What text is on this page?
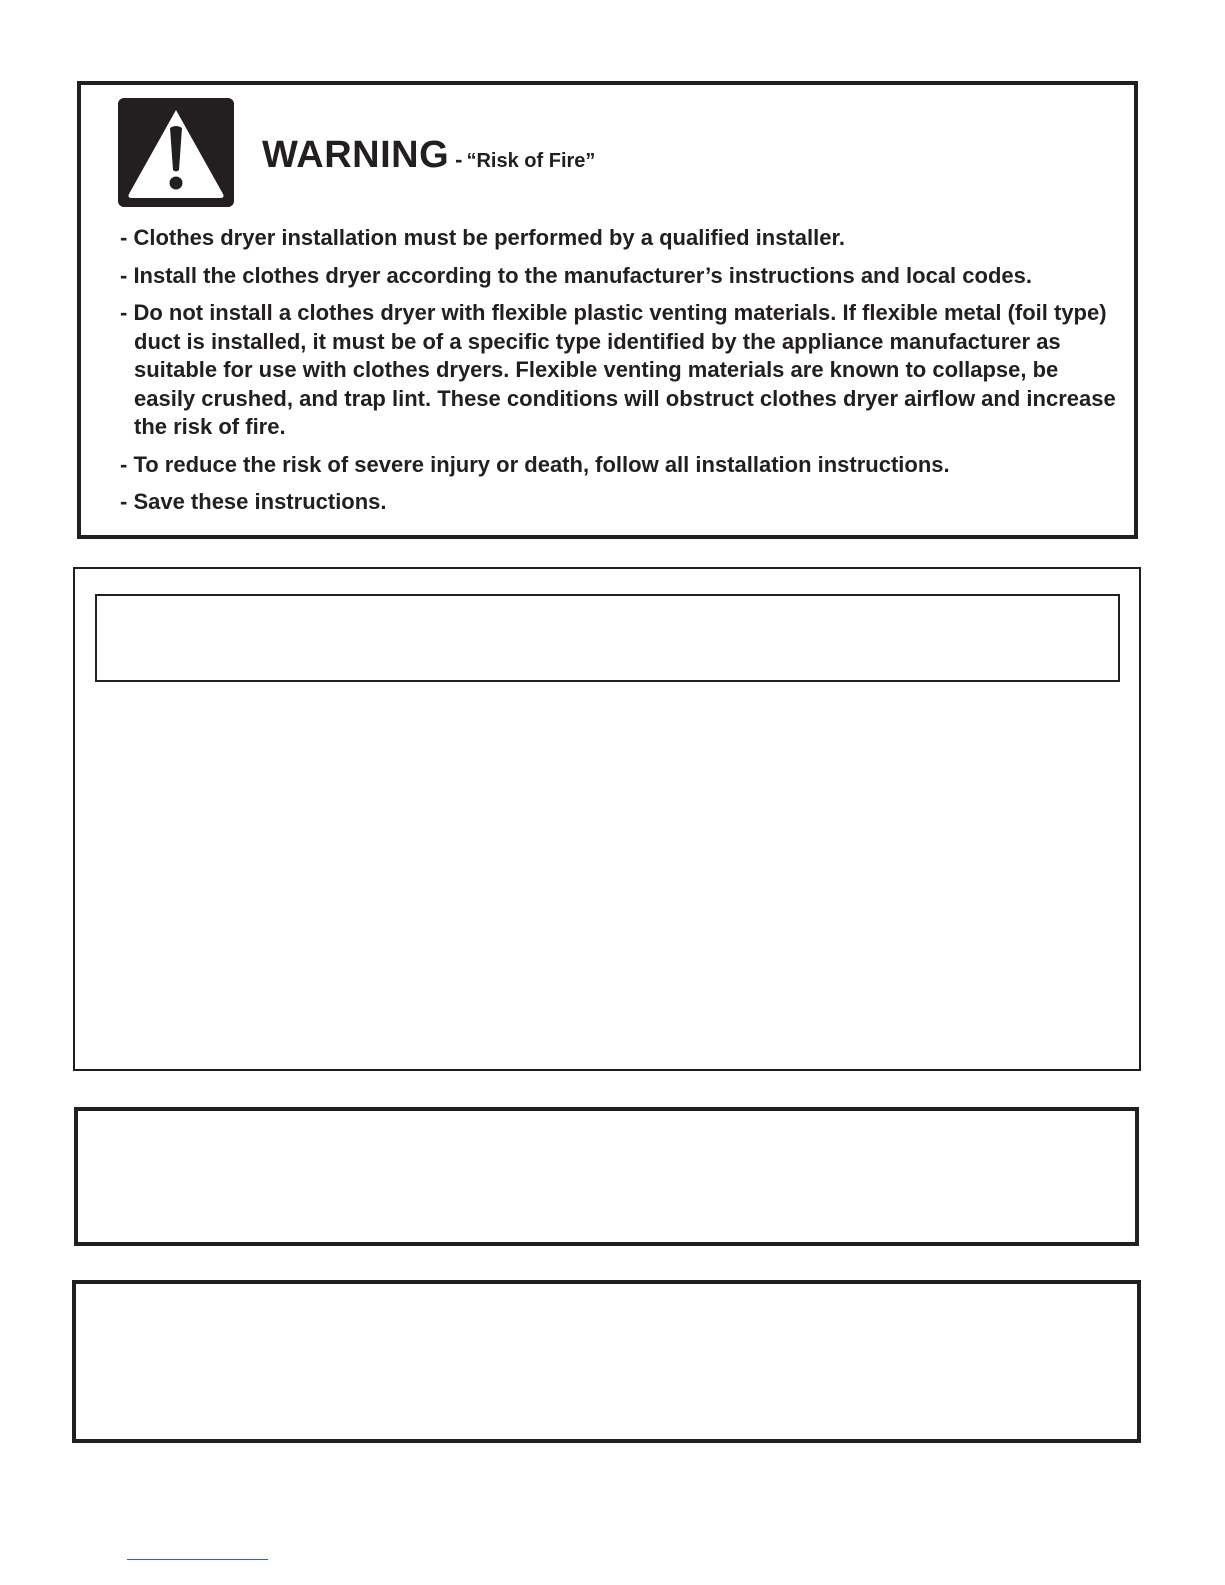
WARNING - “Risk of Fire”
- Clothes dryer installation must be performed by a qualified installer.
- Install the clothes dryer according to the manufacturer’s instructions and local codes.
- Do not install a clothes dryer with flexible plastic venting materials. If flexible metal (foil type) duct is installed, it must be of a specific type identified by the appliance manufacturer as suitable for use with clothes dryers. Flexible venting materials are known to collapse, be easily crushed, and trap lint. These conditions will obstruct clothes dryer airflow and increase the risk of fire.
- To reduce the risk of severe injury or death, follow all installation instructions.
- Save these instructions.
